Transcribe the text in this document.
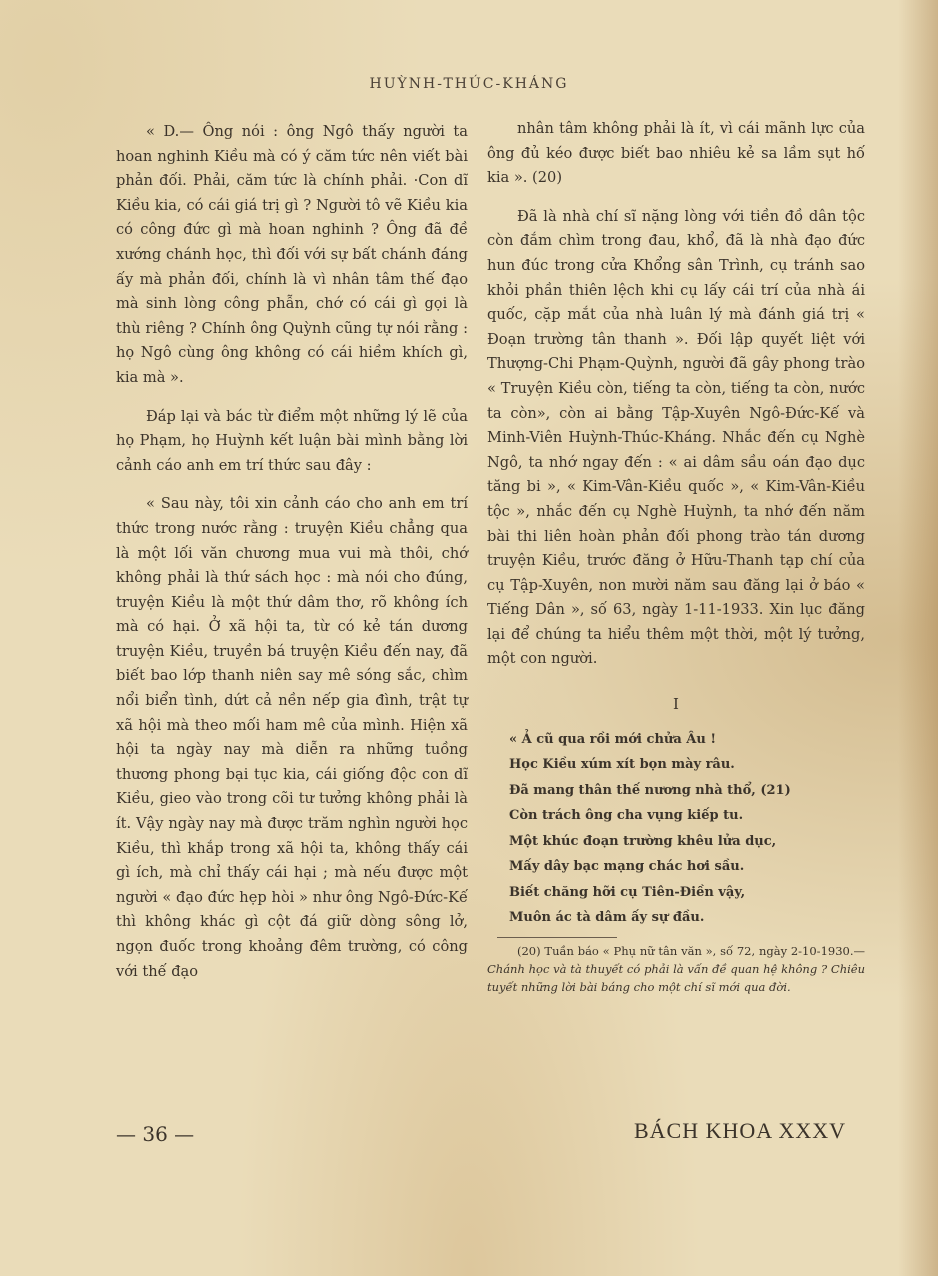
HUỲNH-THÚC-KHÁNG

« D.— Ông nói : ông Ngô thấy người ta hoan nghinh Kiều mà có ý căm tức nên viết bài phản đối. Phải, căm tức là chính phải. ·Con dĩ Kiều kia, có cái giá trị gì ? Người tô vẽ Kiều kia có công đức gì mà hoan nghinh ? Ông đã đề xướng chánh học, thì đối với sự bất chánh đáng ấy mà phản đối, chính là vì nhân tâm thế đạo mà sinh lòng công phẫn, chớ có cái gì gọi là thù riêng ? Chính ông Quỳnh cũng tự nói rằng : họ Ngô cùng ông không có cái hiềm khích gì, kia mà ».

Đáp lại và bác từ điểm một những lý lẽ của họ Phạm, họ Huỳnh kết luận bài mình bằng lời cảnh cáo anh em trí thức sau đây :

« Sau này, tôi xin cảnh cáo cho anh em trí thức trong nước rằng : truyện Kiều chẳng qua là một lối văn chương mua vui mà thôi, chớ không phải là thứ sách học : mà nói cho đúng, truyện Kiều là một thứ dâm thơ, rõ không ích mà có hại. Ở xã hội ta, từ có kẻ tán dương truyện Kiều, truyền bá truyện Kiều đến nay, đã biết bao lớp thanh niên say mê sóng sắc, chìm nổi biển tình, dứt cả nền nếp gia đình, trật tự xã hội mà theo mối ham mê của mình. Hiện xã hội ta ngày nay mà diễn ra những tuồng thương phong bại tục kia, cái giống độc con dĩ Kiều, gieo vào trong cõi tư tưởng không phải là ít. Vậy ngày nay mà được trăm nghìn người học Kiều, thì khắp trong xã hội ta, không thấy cái gì ích, mà chỉ thấy cái hại ; mà nếu được một người « đạo đức hẹp hòi » như ông Ngô-Đức-Kế thì không khác gì cột đá giữ dòng sông lở, ngọn đuốc trong khoảng đêm trường, có công với thế đạo

nhân tâm không phải là ít, vì cái mãnh lực của ông đủ kéo được biết bao nhiêu kẻ sa lầm sụt hố kia ». (20)

Đã là nhà chí sĩ nặng lòng với tiền đồ dân tộc còn đắm chìm trong đau, khổ, đã là nhà đạo đức hun đúc trong cửa Khổng sân Trình, cụ tránh sao khỏi phần thiên lệch khi cụ lấy cái trí của nhà ái quốc, cặp mắt của nhà luân lý mà đánh giá trị « Đoạn trường tân thanh ». Đối lập quyết liệt với Thượng-Chi Phạm-Quỳnh, người đã gây phong trào « Truyện Kiều còn, tiếng ta còn, tiếng ta còn, nước ta còn», còn ai bằng Tập-Xuyên Ngô-Đức-Kế và Minh-Viên Huỳnh-Thúc-Kháng. Nhắc đến cụ Nghè Ngô, ta nhớ ngay đến : « ai dâm sầu oán đạo dục tăng bi », « Kim-Vân-Kiều quốc », « Kim-Vân-Kiều tộc », nhắc đến cụ Nghè Huỳnh, ta nhớ đến năm bài thi liên hoàn phản đối phong trào tán dương truyện Kiều, trước đăng ở Hữu-Thanh tạp chí của cụ Tập-Xuyên, non mười năm sau đăng lại ở báo « Tiếng Dân », số 63, ngày 1-11-1933. Xin lục đăng lại để chúng ta hiểu thêm một thời, một lý tưởng, một con người.

I
« Ả cũ qua rồi mới chửa Âu !
Học Kiều xúm xít bọn mày râu.
Đã mang thân thế nương nhà thổ, (21)
Còn trách ông cha vụng kiếp tu.
Một khúc đoạn trường khêu lửa dục,
Mấy dây bạc mạng chác hơi sầu.
Biết chăng hỡi cụ Tiên-Điền vậy,
Muôn ác tà dâm ấy sự đầu.

(20) Tuần báo « Phụ nữ tân văn », số 72, ngày 2-10-1930.— Chánh học và tà thuyết có phải là vấn đề quan hệ không ? Chiêu tuyết những lời bài báng cho một chí sĩ mới qua đời.

— 36 —	BÁCH KHOA XXXV
